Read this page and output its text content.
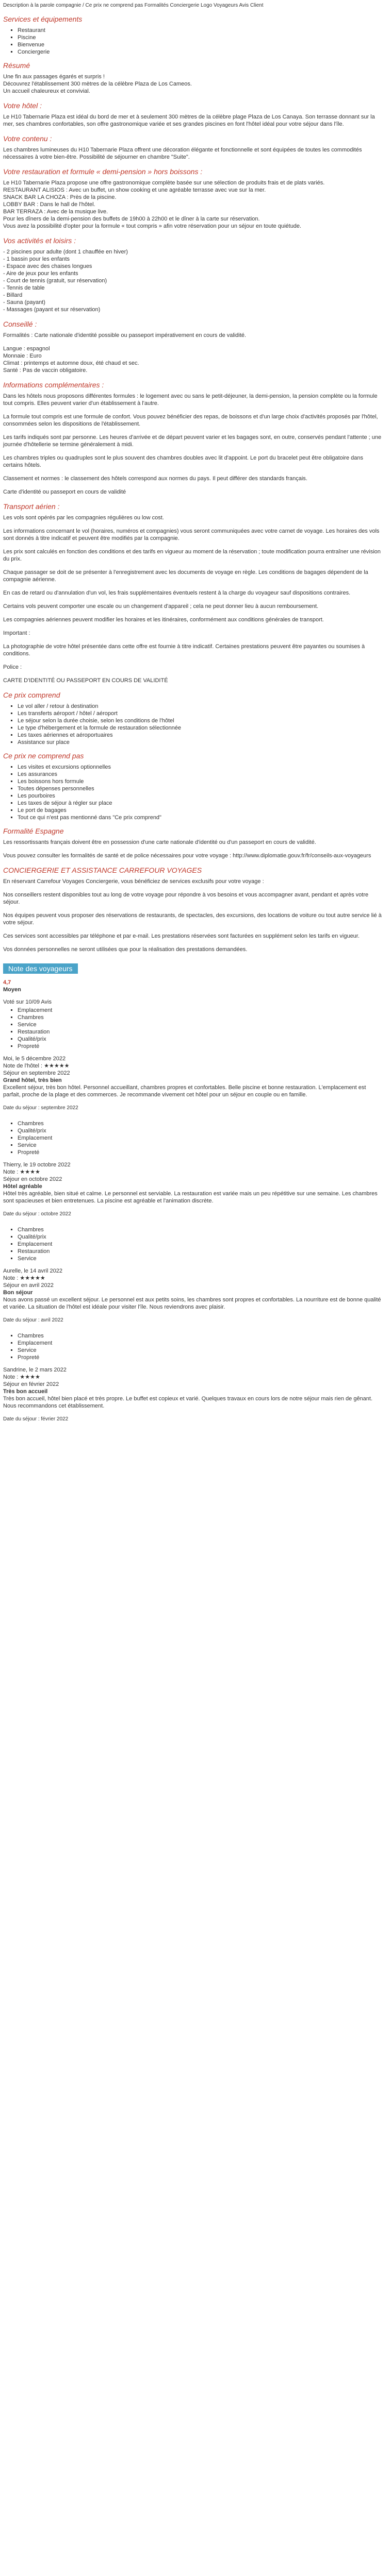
Description à la parole compagnie / Ce prix ne comprend pas Formalités Conciergerie Logo Voyageurs Avis Client

Services et équipements
▪ Restaurant
▪ Piscine
▪ Bienvenue
▪ Conciergerie
Résumé
Une fin aux passages égarés et surpris !
Découvrez l'établissement 300 mètres de la célèbre Plaza de Los Cameos.
Un accueil chaleureux et convivial.
Votre hôtel :

Le H10 Tabernarie Plaza est idéal du bord de mer et à seulement 300 mètres de la célèbre plage Plaza de Los Canaya. Son terrasse donnant sur la mer, ses chambres confortables, son offre gastronomique variée et ses grandes piscines en font l'hôtel idéal pour votre séjour dans l'île.

Votre contenu :

Les chambres lumineuses du H10 Tabernarie Plaza offrent une décoration élégante et fonctionnelle et sont équipées de toutes les commodités nécessaires à votre bien-être. Possibilité de séjourner en chambre "Suite".

Votre restauration et formule « demi-pension » hors boissons :
Le H10 Tabernarie Plaza propose une offre gastronomique complète basée sur une sélection de produits frais et de plats variés.
RESTAURANT ALISIOS : Avec un buffet, un show cooking et une agréable terrasse avec vue sur la mer.
SNACK BAR LA CHOZA : Près de la piscine.
LOBBY BAR : Dans le hall de l'hôtel.
BAR TERRAZA : Avec de la musique live.
Pour les dîners de la demi-pension des buffets de 19h00 à 22h00 et le dîner à la carte sur réservation.
Vous avez la possibilité d'opter pour la formule « tout compris » afin votre réservation pour un séjour en toute quiétude.
Vos activités et loisirs :
- 2 piscines pour adulte (dont 1 chauffée en hiver)
- 1 bassin pour les enfants
- Espace avec des chaises longues
- Aire de jeux pour les enfants
- Court de tennis (gratuit, sur réservation)
- Tennis de table
- Billard
- Sauna (payant)
- Massages (payant et sur réservation)
Conseillé :

Formalités : Carte nationale d'identité possible ou passeport impérativement en cours de validité.

Langue : espagnol
Monnaie : Euro
Climat : printemps et automne doux, été chaud et sec.
Santé : Pas de vaccin obligatoire.
Informations complémentaires :

Dans les hôtels nous proposons différentes formules : le logement avec ou sans le petit-déjeuner, la demi-pension, la pension complète ou la formule tout compris. Elles peuvent varier d'un établissement à l'autre.

La formule tout compris est une formule de confort. Vous pouvez bénéficier des repas, de boissons et d'un large choix d'activités proposés par l'hôtel, consommées selon les dispositions de l'établissement.

Les tarifs indiqués sont par personne. Les heures d'arrivée et de départ peuvent varier et les bagages sont, en outre, conservés pendant l'attente ; une journée d'hôtellerie se termine généralement à midi.

Les chambres triples ou quadruples sont le plus souvent des chambres doubles avec lit d'appoint. Le port du bracelet peut être obligatoire dans certains hôtels.

Classement et normes : le classement des hôtels correspond aux normes du pays. Il peut différer des standards français.

Carte d'identité ou passeport en cours de validité

Transport aérien :

Les vols sont opérés par les compagnies régulières ou low cost.

Les informations concernant le vol (horaires, numéros et compagnies) vous seront communiquées avec votre carnet de voyage. Les horaires des vols sont donnés à titre indicatif et peuvent être modifiés par la compagnie.

Les prix sont calculés en fonction des conditions et des tarifs en vigueur au moment de la réservation ; toute modification pourra entraîner une révision du prix.

Chaque passager se doit de se présenter à l'enregistrement avec les documents de voyage en règle. Les conditions de bagages dépendent de la compagnie aérienne.

En cas de retard ou d'annulation d'un vol, les frais supplémentaires éventuels restent à la charge du voyageur sauf dispositions contraires.

Certains vols peuvent comporter une escale ou un changement d'appareil ; cela ne peut donner lieu à aucun remboursement.

Les compagnies aériennes peuvent modifier les horaires et les itinéraires, conformément aux conditions générales de transport.

Important :

La photographie de votre hôtel présentée dans cette offre est fournie à titre indicatif. Certaines prestations peuvent être payantes ou soumises à conditions.

Police :

CARTE D'IDENTITÉ OU PASSEPORT EN COURS DE VALIDITÉ

Ce prix comprend
▪ Le vol aller / retour à destination
▪ Les transferts aéroport / hôtel / aéroport
▪ Le séjour selon la durée choisie, selon les conditions de l'hôtel
▪ Le type d'hébergement et la formule de restauration sélectionnée
▪ Les taxes aériennes et aéroportuaires
▪ Assistance sur place
Ce prix ne comprend pas
▪ Les visites et excursions optionnelles
▪ Les assurances
▪ Les boissons hors formule
▪ Toutes dépenses personnelles
▪ Les pourboires
▪ Les taxes de séjour à régler sur place
▪ Le port de bagages
▪ Tout ce qui n'est pas mentionné dans "Ce prix comprend"
Formalité Espagne

Les ressortissants français doivent être en possession d'une carte nationale d'identité ou d'un passeport en cours de validité.

Vous pouvez consulter les formalités de santé et de police nécessaires pour votre voyage : http://www.diplomatie.gouv.fr/fr/conseils-aux-voyageurs

CONCIERGERIE ET ASSISTANCE CARREFOUR VOYAGES

En réservant Carrefour Voyages Conciergerie, vous bénéficiez de services exclusifs pour votre voyage :

Nos conseillers restent disponibles tout au long de votre voyage pour répondre à vos besoins et vous accompagner avant, pendant et après votre séjour.

Nos équipes peuvent vous proposer des réservations de restaurants, de spectacles, des excursions, des locations de voiture ou tout autre service lié à votre séjour.

Ces services sont accessibles par téléphone et par e-mail. Les prestations réservées sont facturées en supplément selon les tarifs en vigueur.

Vos données personnelles ne seront utilisées que pour la réalisation des prestations demandées.

Note des voyageurs
4,7
Moyen
Voté sur 10/09 Avis
▪ Emplacement
▪ Chambres
▪ Service
▪ Restauration
▪ Qualité/prix
▪ Propreté
Moi, le 5 décembre 2022
Note de l'hôtel : ★★★★★
Séjour en septembre 2022
Grand hôtel, très bien

Excellent séjour, très bon hôtel. Personnel accueillant, chambres propres et confortables. Belle piscine et bonne restauration. L'emplacement est parfait, proche de la plage et des commerces. Je recommande vivement cet hôtel pour un séjour en couple ou en famille.

Date du séjour : septembre 2022
▪ Chambres
▪ Qualité/prix
▪ Emplacement
▪ Service
▪ Propreté
Thierry, le 19 octobre 2022
Note : ★★★★
Séjour en octobre 2022
Hôtel agréable

Hôtel très agréable, bien situé et calme. Le personnel est serviable. La restauration est variée mais un peu répétitive sur une semaine. Les chambres sont spacieuses et bien entretenues. La piscine est agréable et l'animation discrète.

Date du séjour : octobre 2022
▪ Chambres
▪ Qualité/prix
▪ Emplacement
▪ Restauration
▪ Service
Aurelle, le 14 avril 2022
Note : ★★★★★
Séjour en avril 2022
Bon séjour

Nous avons passé un excellent séjour. Le personnel est aux petits soins, les chambres sont propres et confortables. La nourriture est de bonne qualité et variée. La situation de l'hôtel est idéale pour visiter l'île. Nous reviendrons avec plaisir.

Date du séjour : avril 2022
▪ Chambres
▪ Emplacement
▪ Service
▪ Propreté
Sandrine, le 2 mars 2022
Note : ★★★★
Séjour en février 2022
Très bon accueil

Très bon accueil, hôtel bien placé et très propre. Le buffet est copieux et varié. Quelques travaux en cours lors de notre séjour mais rien de gênant. Nous recommandons cet établissement.

Date du séjour : février 2022
